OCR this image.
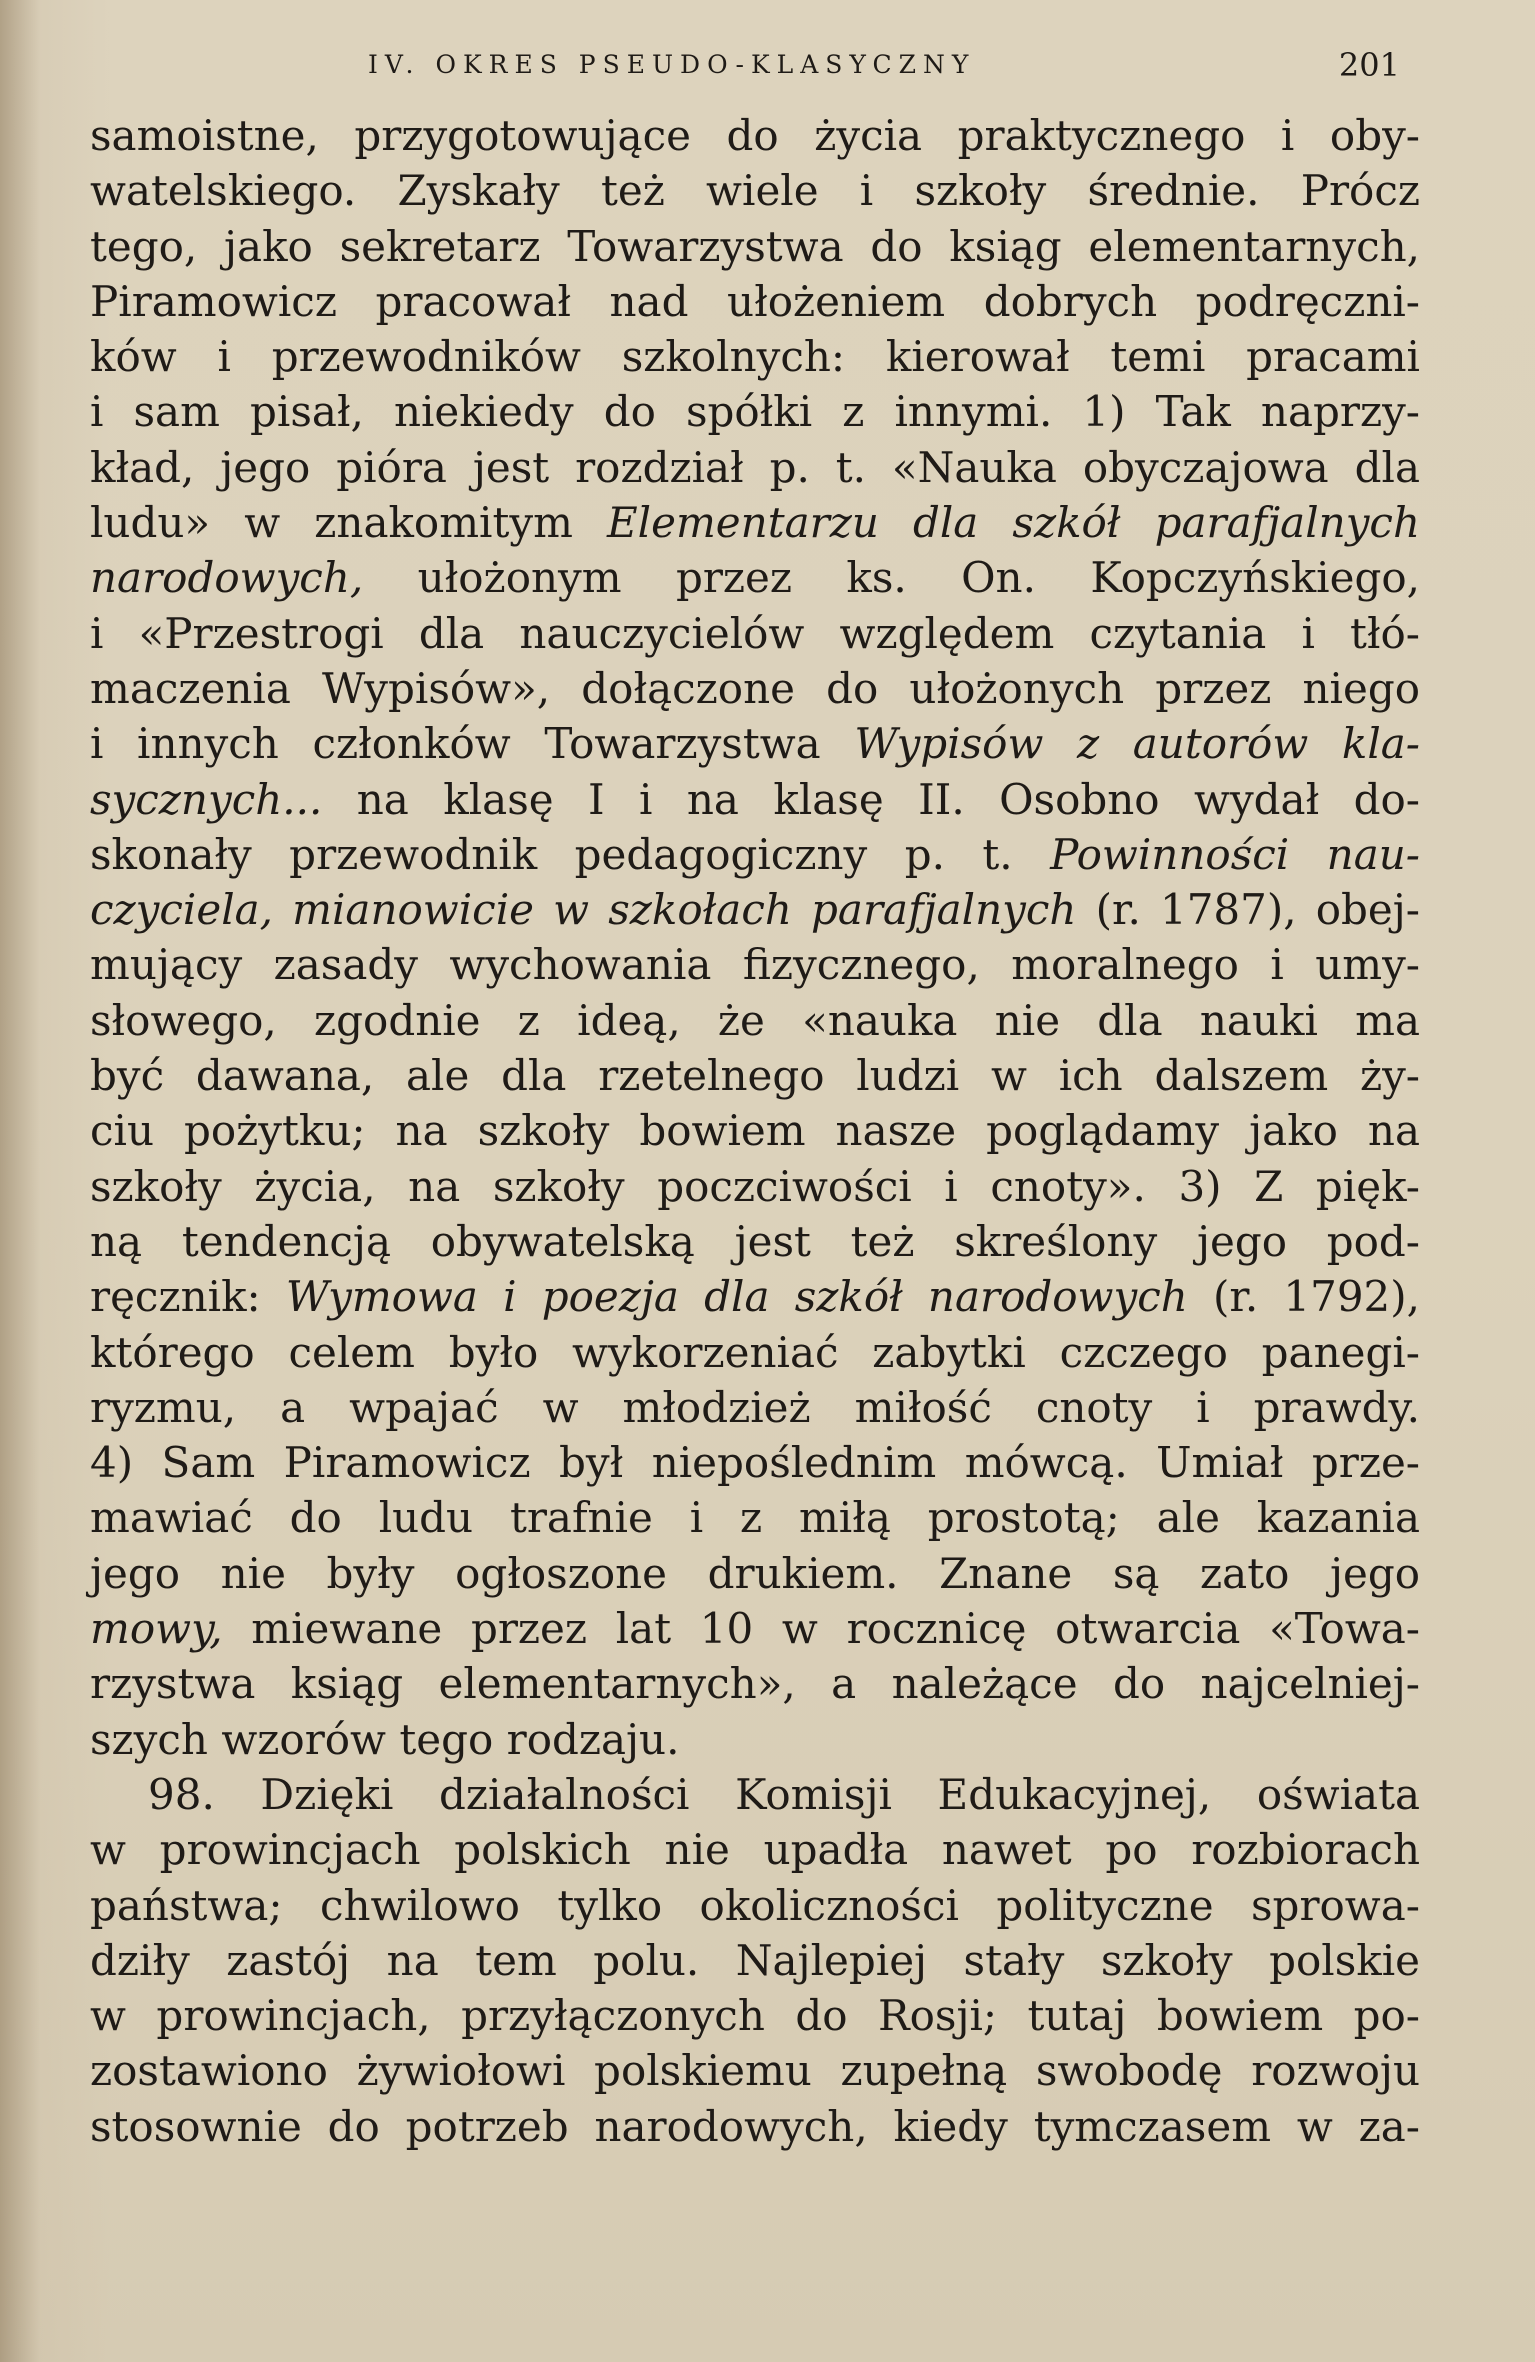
IV. OKRES PSEUDO-KLASYCZNY	201
samoistne, przygotowujące do życia praktycznego i oby-
watelskiego. Zyskały też wiele i szkoły średnie. Prócz
tego, jako sekretarz Towarzystwa do ksiąg elementarnych,
Piramowicz pracował nad ułożeniem dobrych podręczni-
ków i przewodników szkolnych: kierował temi pracami
i sam pisał, niekiedy do spółki z innymi. 1) Tak naprzy-
kład, jego pióra jest rozdział p. t. «Nauka obyczajowa dla
ludu» w znakomitym Elementarzu dla szkół parafjalnych
narodowych, ułożonym przez ks. On. Kopczyńskiego,
i «Przestrogi dla nauczycielów względem czytania i tłó-
maczenia Wypisów», dołączone do ułożonych przez niego
i innych członków Towarzystwa Wypisów z autorów kla-
sycznych... na klasę I i na klasę II. Osobno wydał do-
skonały przewodnik pedagogiczny p. t. Powinności nau-
czyciela, mianowicie w szkołach parafjalnych (r. 1787), obej-
mujący zasady wychowania fizycznego, moralnego i umy-
słowego, zgodnie z ideą, że «nauka nie dla nauki ma
być dawana, ale dla rzetelnego ludzi w ich dalszem ży-
ciu pożytku; na szkoły bowiem nasze poglądamy jako na
szkoły życia, na szkoły poczciwości i cnoty». 3) Z pięk-
ną tendencją obywatelską jest też skreślony jego pod-
ręcznik: Wymowa i poezja dla szkół narodowych (r. 1792),
którego celem było wykorzeniać zabytki czczego panegi-
ryzmu, a wpajać w młodzież miłość cnoty i prawdy.
4) Sam Piramowicz był niepoślednim mówcą. Umiał prze-
mawiać do ludu trafnie i z miłą prostotą; ale kazania
jego nie były ogłoszone drukiem. Znane są zato jego
mowy, miewane przez lat 10 w rocznicę otwarcia «Towa-
rzystwa ksiąg elementarnych», a należące do najcelniej-
szych wzorów tego rodzaju.
98. Dzięki działalności Komisji Edukacyjnej, oświata
w prowincjach polskich nie upadła nawet po rozbiorach
państwa; chwilowo tylko okoliczności polityczne sprowa-
dziły zastój na tem polu. Najlepiej stały szkoły polskie
w prowincjach, przyłączonych do Rosji; tutaj bowiem po-
zostawiono żywiołowi polskiemu zupełną swobodę rozwoju
stosownie do potrzeb narodowych, kiedy tymczasem w za-
